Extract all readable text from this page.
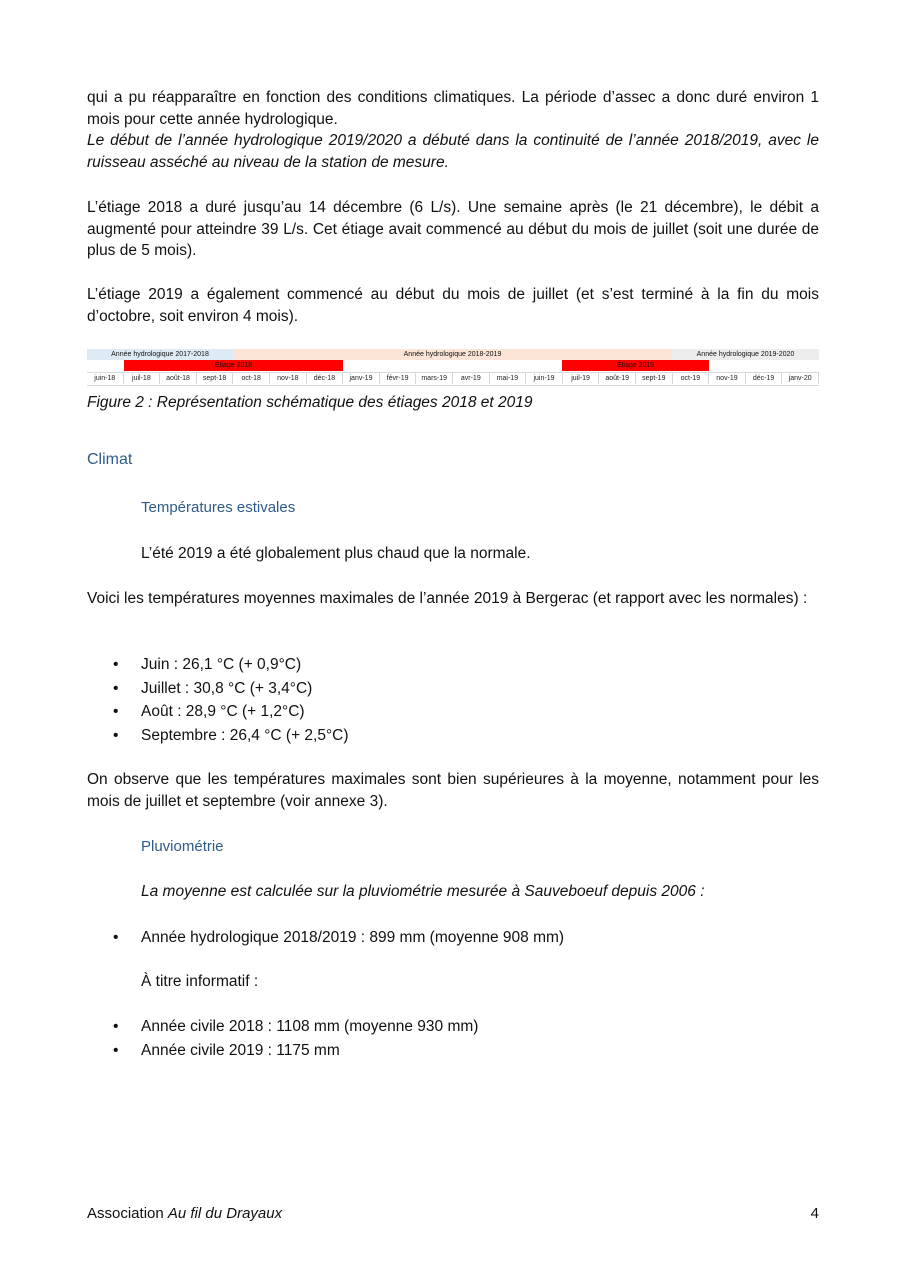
qui a pu réapparaître en fonction des conditions climatiques. La période d’assec a donc duré environ 1 mois pour cette année hydrologique.

Le début de l’année hydrologique 2019/2020 a débuté dans la continuité de l’année 2018/2019, avec le ruisseau asséché au niveau de la station de mesure.

L’étiage 2018 a duré jusqu’au 14 décembre (6 L/s). Une semaine après (le 21 décembre), le débit a augmenté pour atteindre 39 L/s. Cet étiage avait commencé au début du mois de juillet (soit une durée de plus de 5 mois).

L’étiage 2019 a également commencé au début du mois de juillet (et s’est terminé à la fin du mois d’octobre, soit environ 4 mois).

Année hydrologique 2017-2018	Année hydrologique 2018-2019	Année hydrologique 2019-2020
Étiage 2018	Étiage 2019
juin-18	juil-18	août-18	sept-18	oct-18	nov-18	déc-18	janv-19	févr-19	mars-19	avr-19	mai-19	juin-19	juil-19	août-19	sept-19	oct-19	nov-19	déc-19	janv-20
Figure 2 : Représentation schématique des étiages 2018 et 2019
Climat
Températures estivales

L’été 2019 a été globalement plus chaud que la normale.

Voici les températures moyennes maximales de l’année 2019 à Bergerac (et rapport avec les normales) :

• Juin : 26,1 °C (+ 0,9°C)
• Juillet : 30,8 °C (+ 3,4°C)
• Août : 28,9 °C (+ 1,2°C)
• Septembre : 26,4 °C (+ 2,5°C)

On observe que les températures maximales sont bien supérieures à la moyenne, notamment pour les mois de juillet et septembre (voir annexe 3).

Pluviométrie

La moyenne est calculée sur la pluviométrie mesurée à Sauveboeuf depuis 2006 :

• Année hydrologique 2018/2019 : 899 mm (moyenne 908 mm)

À titre informatif :

• Année civile 2018 : 1108 mm (moyenne 930 mm)
• Année civile 2019 : 1175 mm
Association Au fil du Drayaux	4
